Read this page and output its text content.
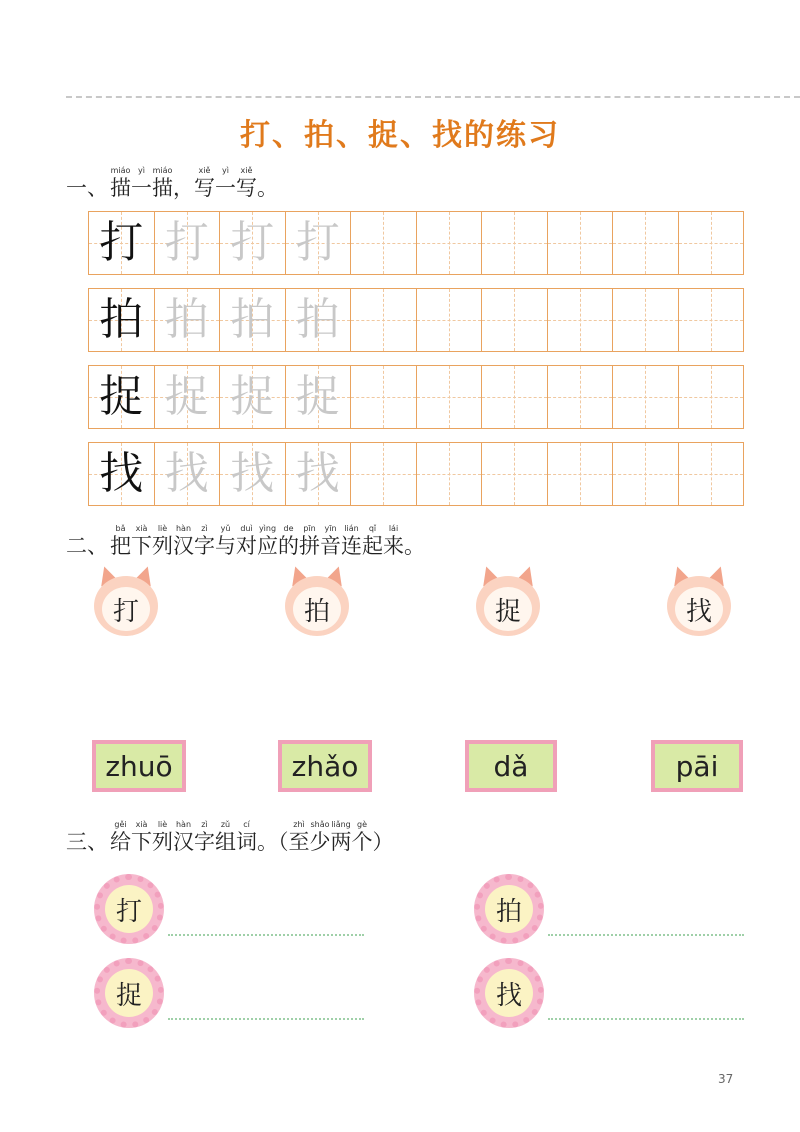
打、拍、捉、找的练习
一、
miáo
描
yì
一
miáo
描 ，
xiě
写
yì
一
xiě
写 。
打 打 打 打
拍 拍 拍 拍
捉 捉 捉 捉
找 找 找 找
二、
bǎ
把
xià
下
liè
列
hàn
汉
zì
字
yǔ
与
duì
对
yìng
应
de
的
pīn
拼
yīn
音
lián
连
qǐ
起
lái
来 。
打	拍	捉	找
zhuō	zhǎo	dǎ	pāi
三、
gěi
给
xià
下
liè
列
hàn
汉
zì
字
zǔ
组
cí
词 。（
zhì
至
shǎo
少
liǎng
两
gè
个 ）
打	拍
捉	找
37
